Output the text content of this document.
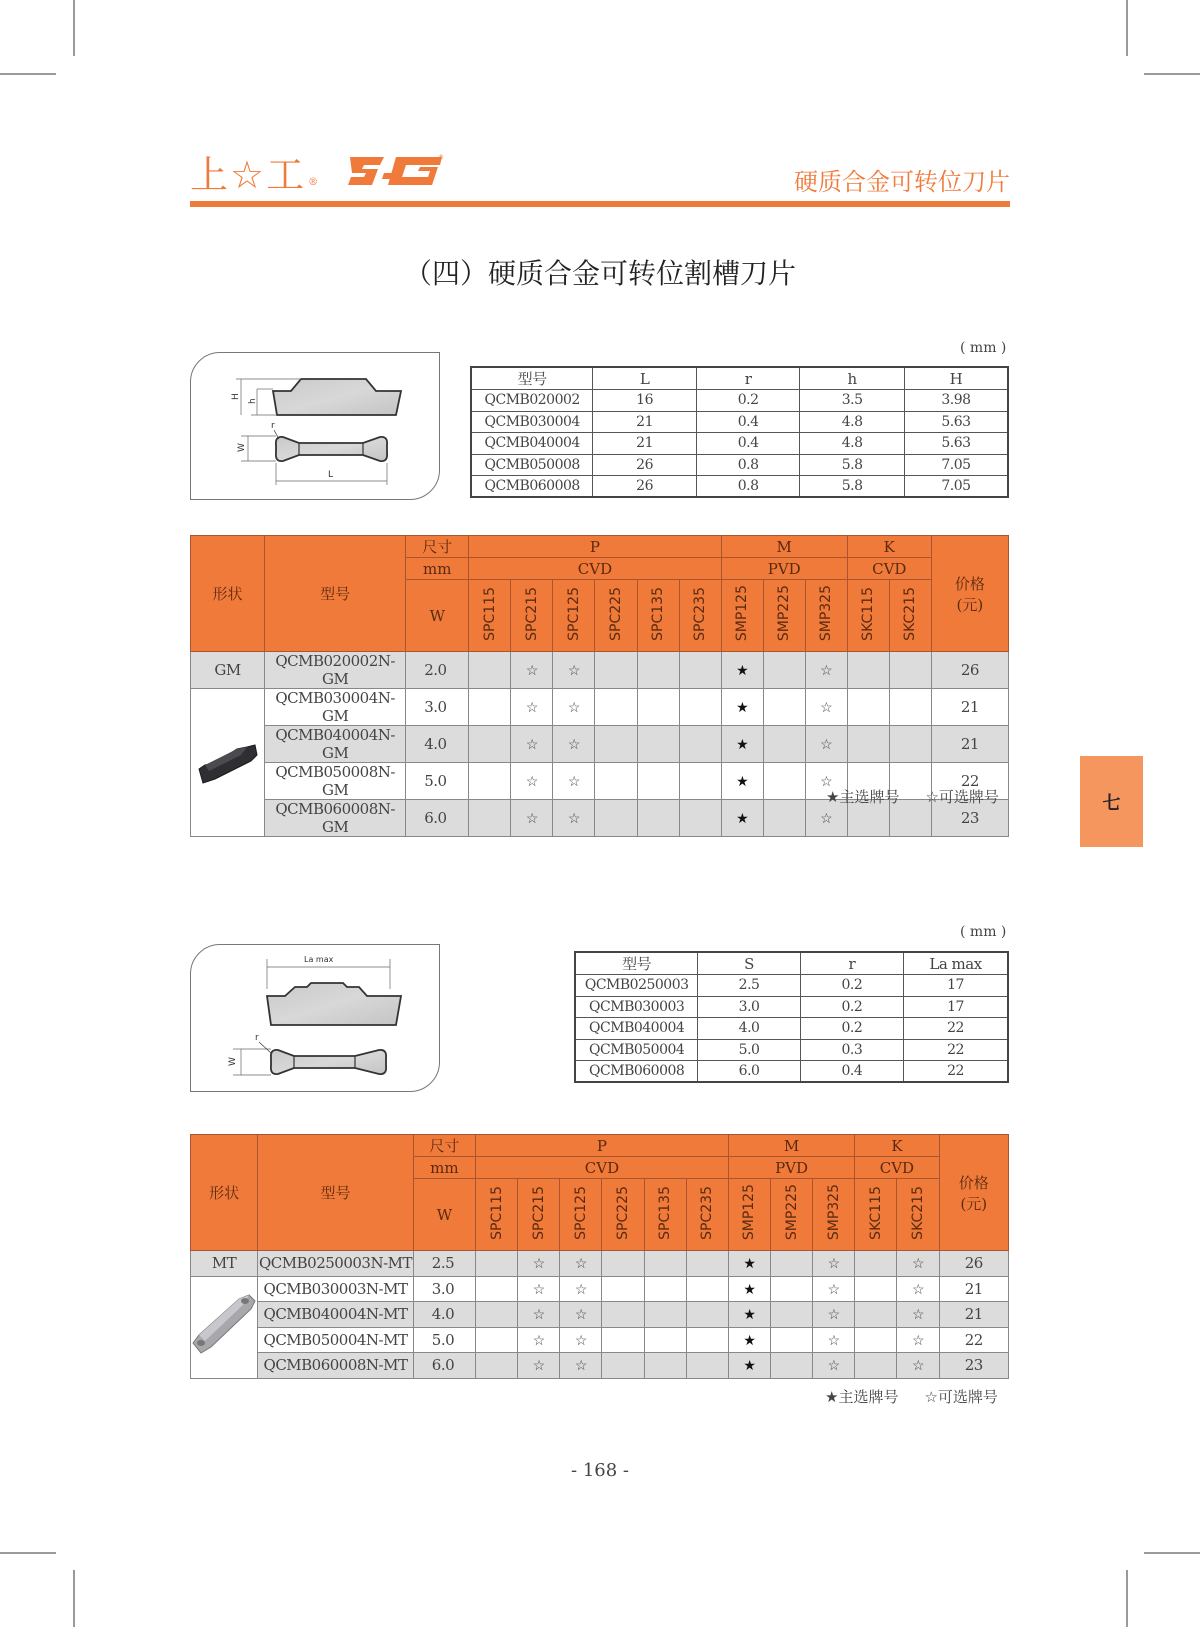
上☆工 ®
®
硬质合金可转位刀片
（四）硬质合金可转位割槽刀片
( mm )
H
h
W
r
L
型号	L	r	h	H
QCMB020002	16	0.2	3.5	3.98
QCMB030004	21	0.4	4.8	5.63
QCMB040004	21	0.4	4.8	5.63
QCMB050008	26	0.8	5.8	7.05
QCMB060008	26	0.8	5.8	7.05
形状	型号	尺寸	P						M			K		价格
(元)
		mm	CVD						PVD			CVD		
		W	SPC115	SPC215	SPC125	SPC225	SPC135	SPC235	SMP125	SMP225	SMP325	SKC115	SKC215	
GM	QCMB020002N-GM	2.0		☆	☆				★		☆			26
	QCMB030004N-GM	3.0		☆	☆				★		☆			21
	QCMB040004N-GM	4.0		☆	☆				★		☆			21
	QCMB050008N-GM	5.0		☆	☆				★		☆			22
	QCMB060008N-GM	6.0		☆	☆				★		☆			23
★主选牌号 ☆可选牌号	七
( mm )
La max
W
r
型号	S	r	La max
QCMB0250003	2.5	0.2	17
QCMB030003	3.0	0.2	17
QCMB040004	4.0	0.2	22
QCMB050004	5.0	0.3	22
QCMB060008	6.0	0.4	22
形状	型号	尺寸	P						M			K		价格
(元)
		mm	CVD						PVD			CVD		
		W	SPC115	SPC215	SPC125	SPC225	SPC135	SPC235	SMP125	SMP225	SMP325	SKC115	SKC215	
MT	QCMB0250003N-MT	2.5		☆	☆				★		☆		☆	26
	QCMB030003N-MT	3.0		☆	☆				★		☆		☆	21
	QCMB040004N-MT	4.0		☆	☆				★		☆		☆	21
	QCMB050004N-MT	5.0		☆	☆				★		☆		☆	22
	QCMB060008N-MT	6.0		☆	☆				★		☆		☆	23
★主选牌号 ☆可选牌号
- 168 -
